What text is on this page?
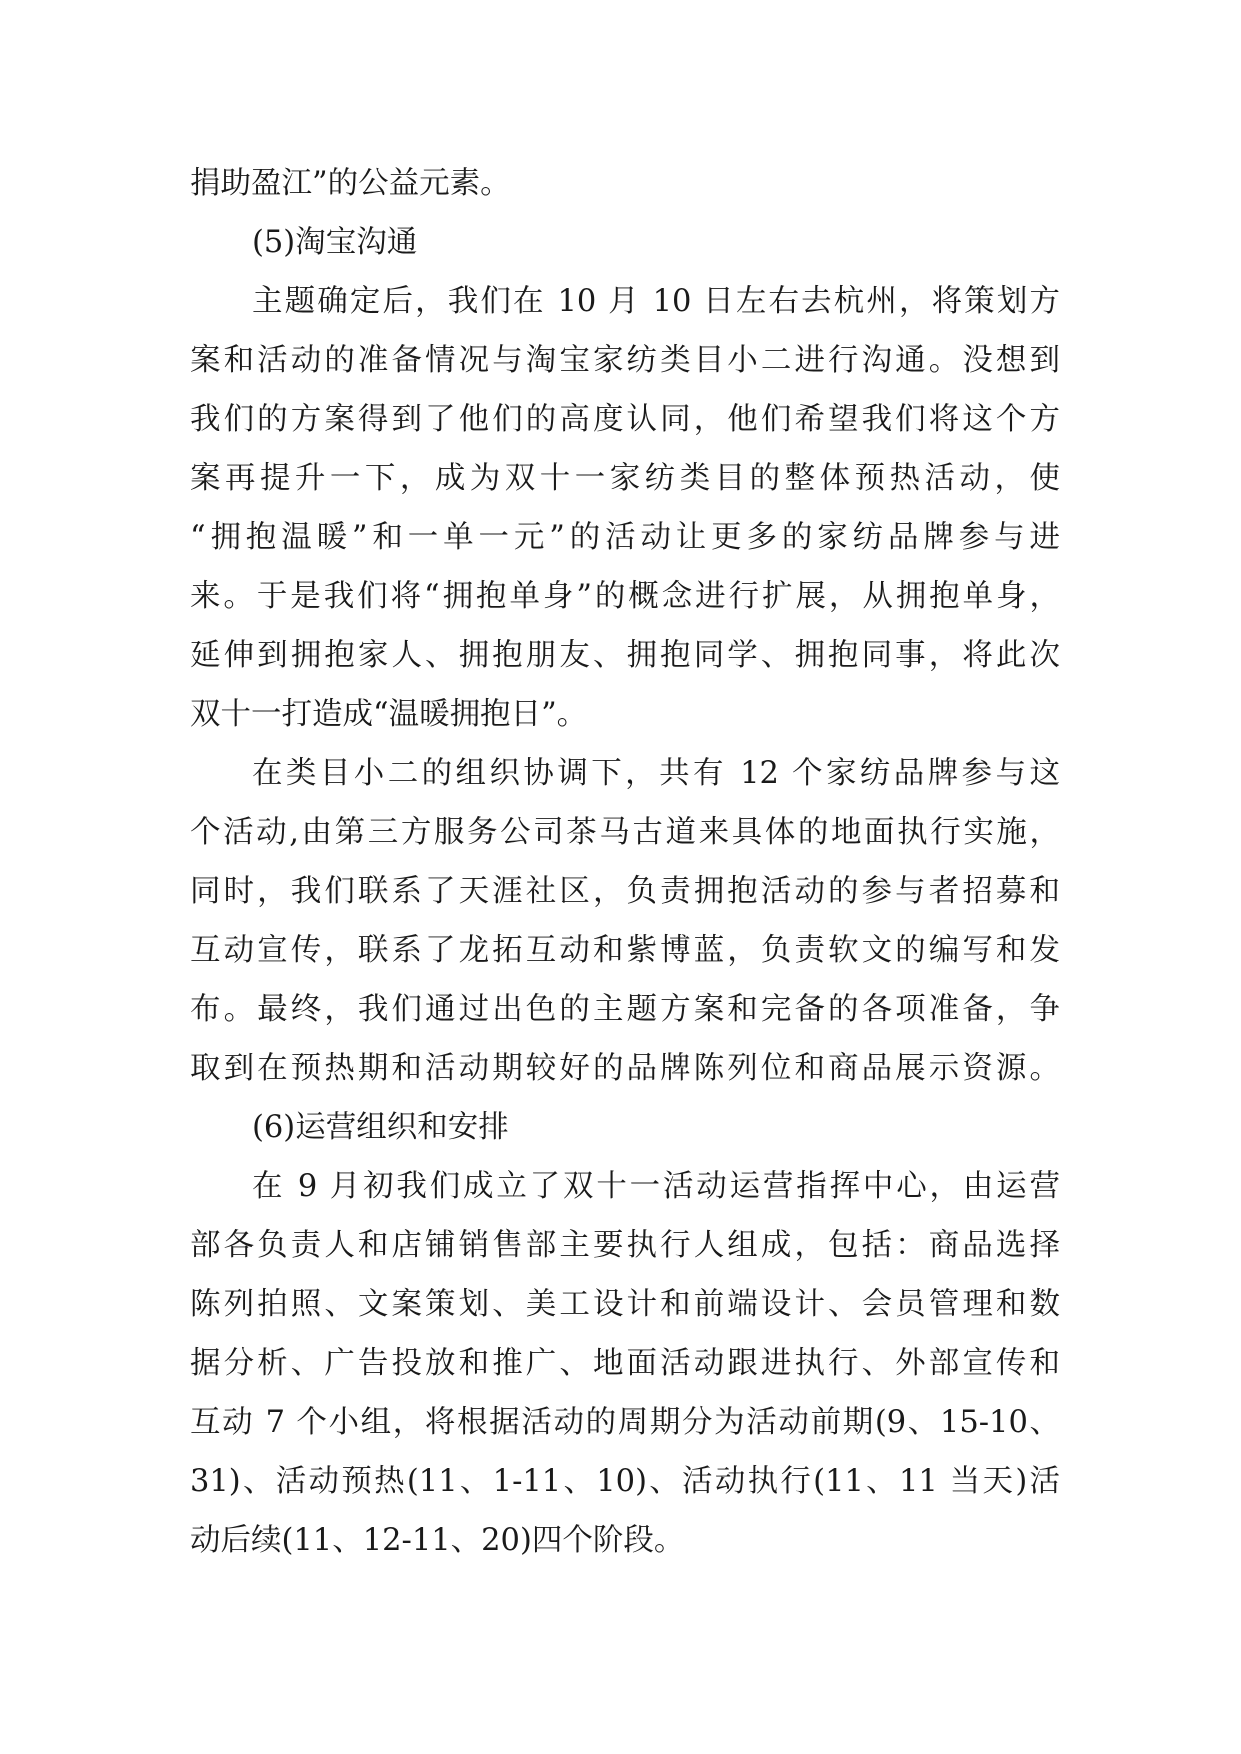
捐助盈江”的公益元素。

(5)淘宝沟通

主题确定后，我们在 10 月 10 日左右去杭州，将策划方

案和活动的准备情况与淘宝家纺类目小二进行沟通。没想到

我们的方案得到了他们的高度认同，他们希望我们将这个方

案再提升一下，成为双十一家纺类目的整体预热活动，使

“拥抱温暖”和一单一元”的活动让更多的家纺品牌参与进

来。于是我们将“拥抱单身”的概念进行扩展，从拥抱单身，

延伸到拥抱家人、拥抱朋友、拥抱同学、拥抱同事，将此次

双十一打造成“温暖拥抱日”。

在类目小二的组织协调下，共有 12 个家纺品牌参与这

个活动,由第三方服务公司茶马古道来具体的地面执行实施，

同时，我们联系了天涯社区，负责拥抱活动的参与者招募和

互动宣传，联系了龙拓互动和紫博蓝，负责软文的编写和发

布。最终，我们通过出色的主题方案和完备的各项准备，争

取到在预热期和活动期较好的品牌陈列位和商品展示资源。

(6)运营组织和安排

在 9 月初我们成立了双十一活动运营指挥中心，由运营

部各负责人和店铺销售部主要执行人组成，包括：商品选择

陈列拍照、文案策划、美工设计和前端设计、会员管理和数

据分析、广告投放和推广、地面活动跟进执行、外部宣传和

互动 7 个小组，将根据活动的周期分为活动前期(9、15-10、

31)、活动预热(11、1-11、10)、活动执行(11、11 当天)活

动后续(11、12-11、20)四个阶段。
